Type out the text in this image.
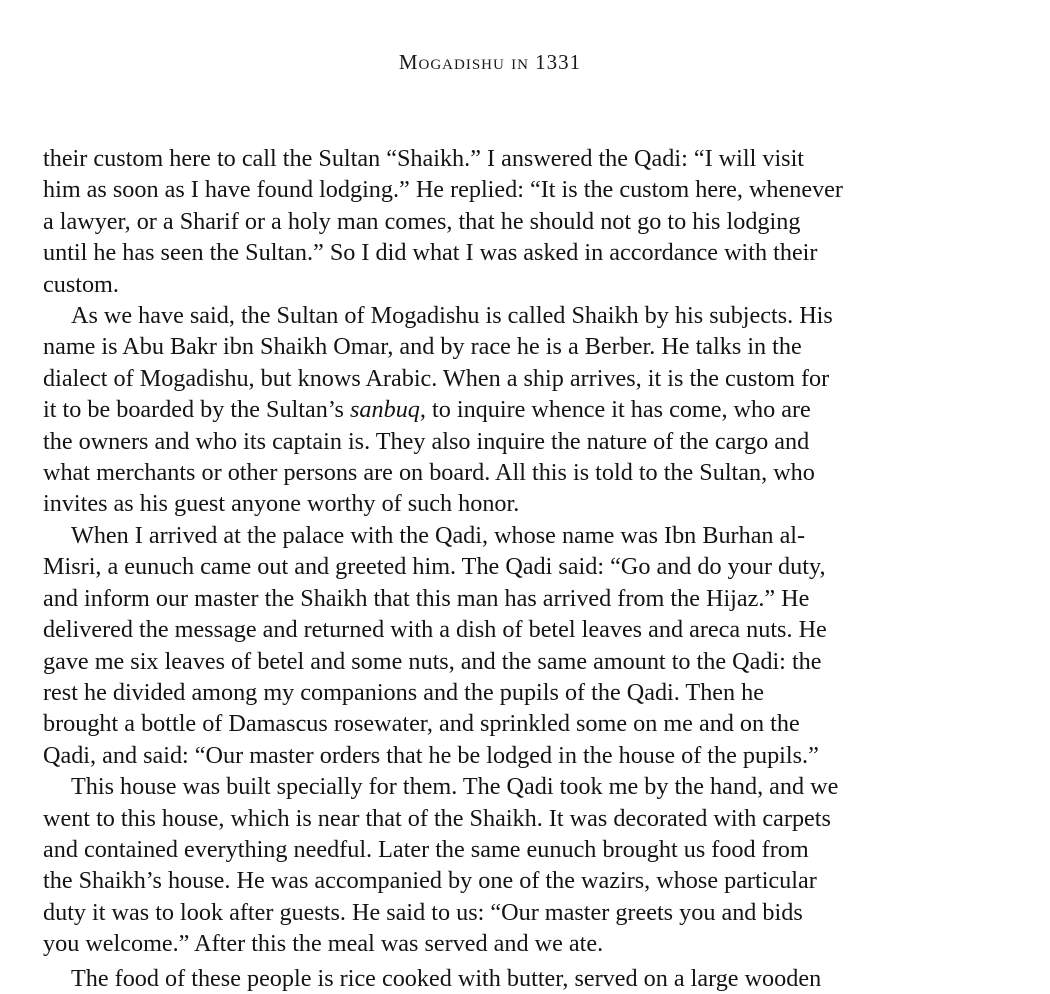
Mogadishu in 1331
their custom here to call the Sultan “Shaikh.” I answered the Qadi: “I will visit
him as soon as I have found lodging.” He replied: “It is the custom here, whenever
a lawyer, or a Sharif or a holy man comes, that he should not go to his lodging
until he has seen the Sultan.” So I did what I was asked in accordance with their
custom.
As we have said, the Sultan of Mogadishu is called Shaikh by his subjects. His
name is Abu Bakr ibn Shaikh Omar, and by race he is a Berber. He talks in the
dialect of Mogadishu, but knows Arabic. When a ship arrives, it is the custom for
it to be boarded by the Sultan’s sanbuq, to inquire whence it has come, who are
the owners and who its captain is. They also inquire the nature of the cargo and
what merchants or other persons are on board. All this is told to the Sultan, who
invites as his guest anyone worthy of such honor.
When I arrived at the palace with the Qadi, whose name was Ibn Burhan al-
Misri, a eunuch came out and greeted him. The Qadi said: “Go and do your duty,
and inform our master the Shaikh that this man has arrived from the Hijaz.” He
delivered the message and returned with a dish of betel leaves and areca nuts. He
gave me six leaves of betel and some nuts, and the same amount to the Qadi: the
rest he divided among my companions and the pupils of the Qadi. Then he
brought a bottle of Damascus rosewater, and sprinkled some on me and on the
Qadi, and said: “Our master orders that he be lodged in the house of the pupils.”
This house was built specially for them. The Qadi took me by the hand, and we
went to this house, which is near that of the Shaikh. It was decorated with carpets
and contained everything needful. Later the same eunuch brought us food from
the Shaikh’s house. He was accompanied by one of the wazirs, whose particular
duty it was to look after guests. He said to us: “Our master greets you and bids
you welcome.” After this the meal was served and we ate.
The food of these people is rice cooked with butter, served on a large wooden
